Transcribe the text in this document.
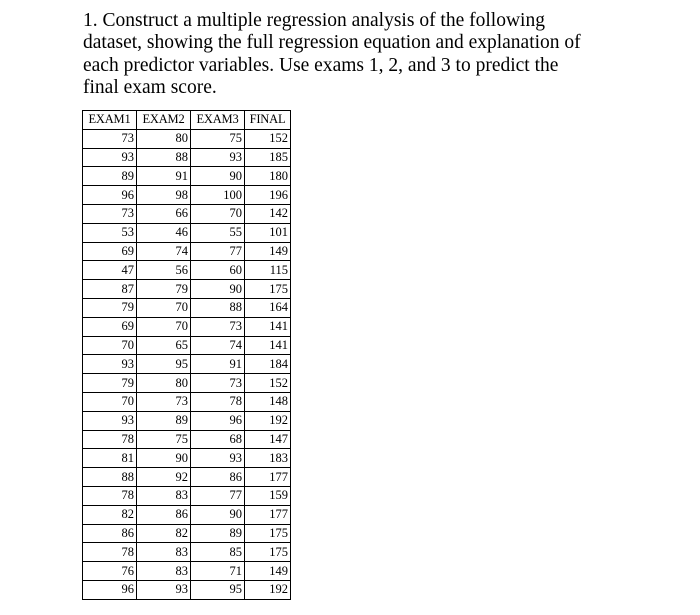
1. Construct a multiple regression analysis of the following
dataset, showing the full regression equation and explanation of
each predictor variables. Use exams 1, 2, and 3 to predict the
final exam score.
EXAM1	EXAM2	EXAM3	FINAL
73	80	75	152
93	88	93	185
89	91	90	180
96	98	100	196
73	66	70	142
53	46	55	101
69	74	77	149
47	56	60	115
87	79	90	175
79	70	88	164
69	70	73	141
70	65	74	141
93	95	91	184
79	80	73	152
70	73	78	148
93	89	96	192
78	75	68	147
81	90	93	183
88	92	86	177
78	83	77	159
82	86	90	177
86	82	89	175
78	83	85	175
76	83	71	149
96	93	95	192
